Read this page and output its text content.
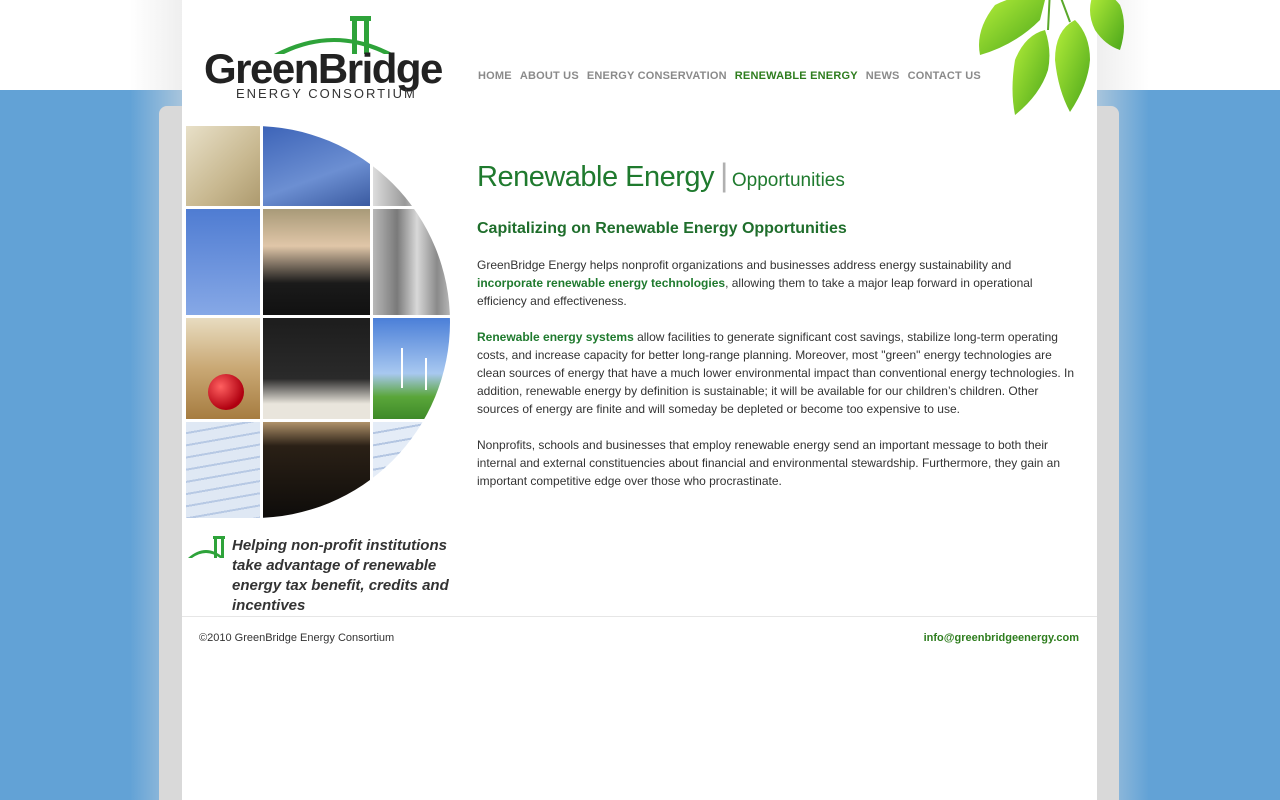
GreenBridge
ENERGY CONSORTIUM
HOME ABOUT US ENERGY CONSERVATION RENEWABLE ENERGY NEWS CONTACT US

Helping non-profit institutions take advantage of renewable energy tax benefit, credits and incentives

Renewable Energy | Opportunities
Capitalizing on Renewable Energy Opportunities

GreenBridge Energy helps nonprofit organizations and businesses address energy sustainability and incorporate renewable energy technologies, allowing them to take a major leap forward in operational efficiency and effectiveness.

Renewable energy systems allow facilities to generate significant cost savings, stabilize long-term operating costs, and increase capacity for better long-range planning. Moreover, most "green" energy technologies are clean sources of energy that have a much lower environmental impact than conventional energy technologies. In addition, renewable energy by definition is sustainable; it will be available for our children’s children. Other sources of energy are finite and will someday be depleted or become too expensive to use.

Nonprofits, schools and businesses that employ renewable energy send an important message to both their internal and external constituencies about financial and environmental stewardship. Furthermore, they gain an important competitive edge over those who procrastinate.

©2010 GreenBridge Energy Consortium	info@greenbridgeenergy.com
